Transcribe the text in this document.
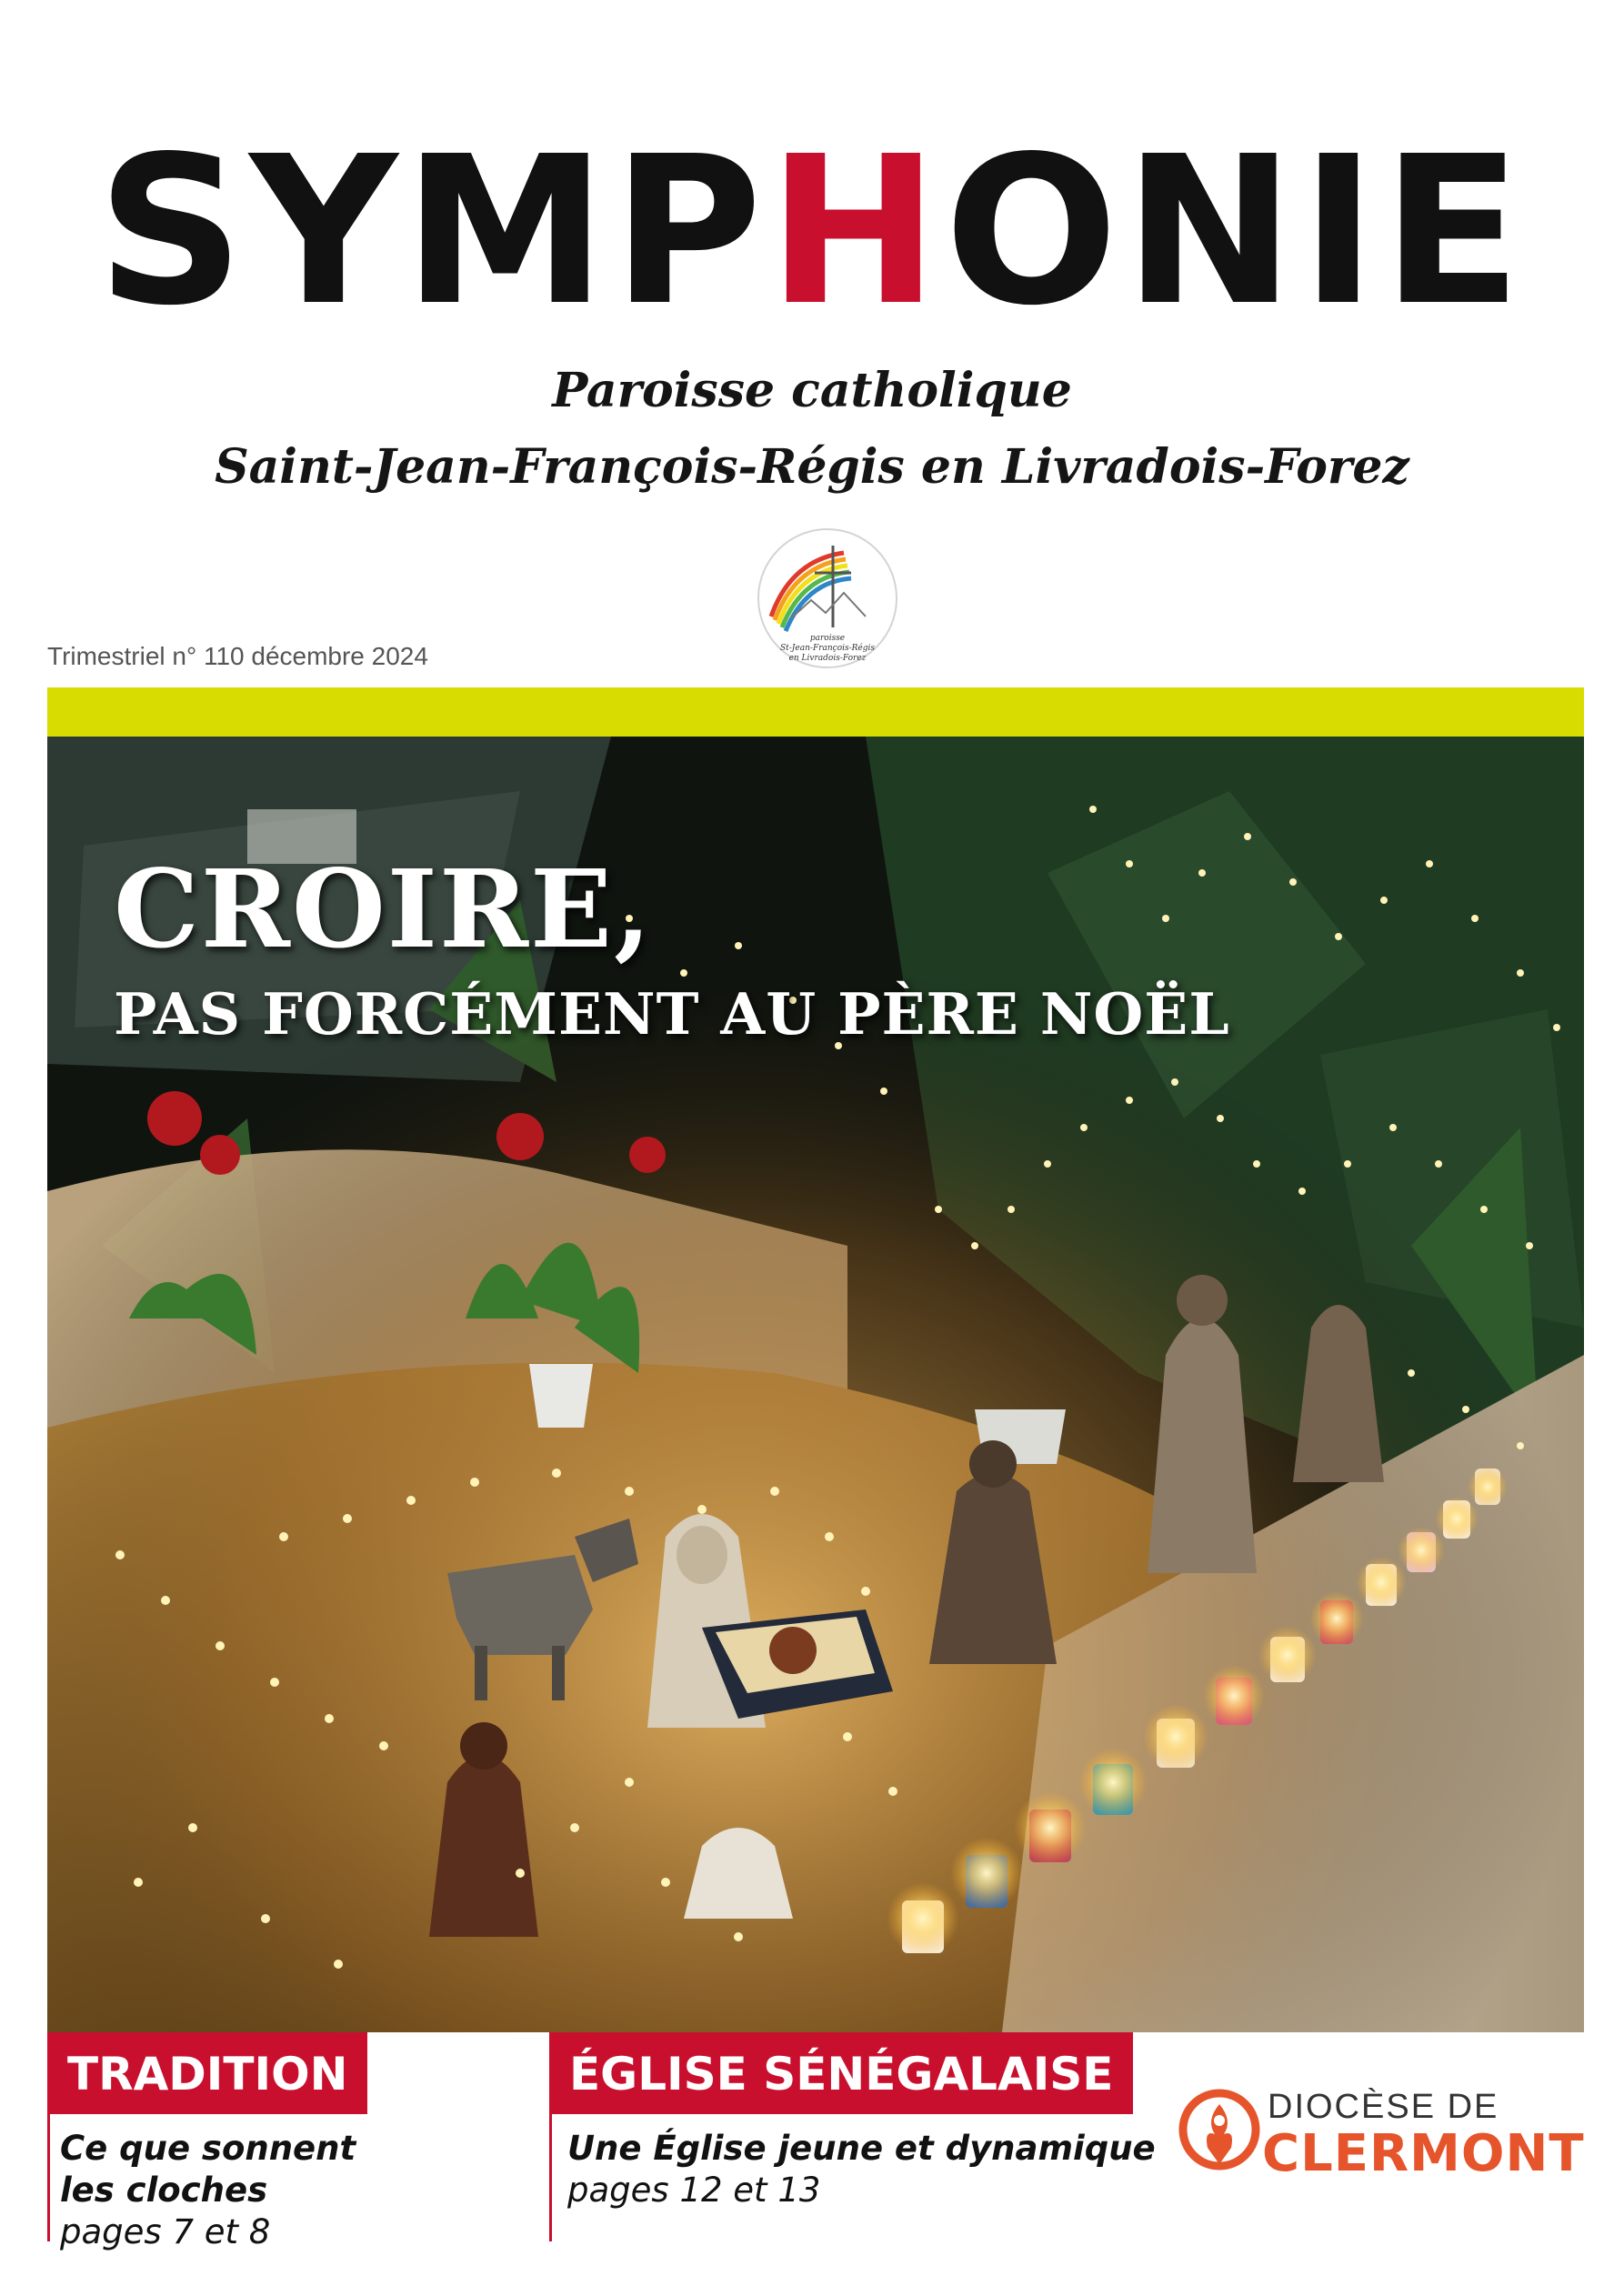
SYMPHONIE
Paroisse catholique
Saint-Jean-François-Régis en Livradois-Forez
paroisse
St-Jean-François-Régis
en Livradois-Forez
Trimestriel n° 110 décembre 2024
CROIRE,
PAS FORCÉMENT AU PÈRE NOËL
TRADITION
Ce que sonnent
les cloches
pages 7 et 8
ÉGLISE SÉNÉGALAISE
Une Église jeune et dynamique
pages 12 et 13
DIOCÈSE DE
CLERMONT
